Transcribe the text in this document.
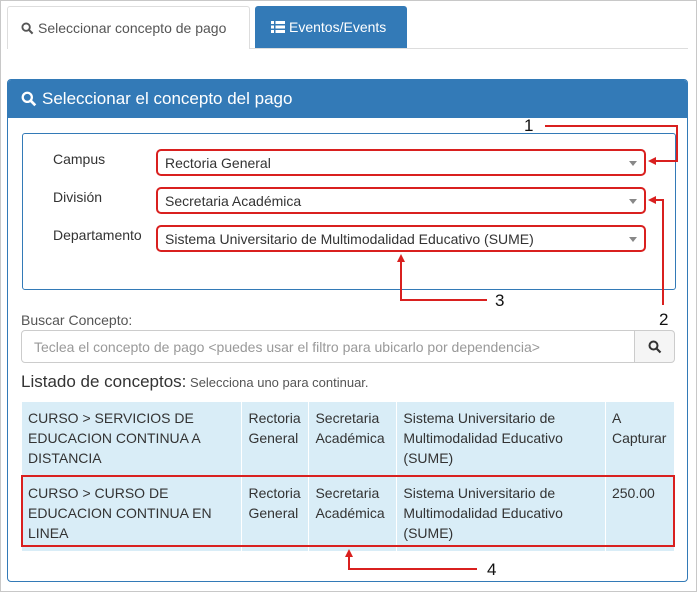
Seleccionar concepto de pago	Eventos/Events
Seleccionar el concepto del pago
Campus	Rectoria General
División	Secretaria Académica
Departamento Sistema Universitario de Multimodalidad Educativo (SUME)
Buscar Concepto:
Teclea el concepto de pago <puedes usar el filtro para ubicarlo por dependencia>
Listado de conceptos: Selecciona uno para continuar.
CURSO > SERVICIOS DE EDUCACION CONTINUA A DISTANCIA	Rectoria General	Secretaria Académica	Sistema Universitario de Multimodalidad Educativo (SUME)	A Capturar
CURSO > CURSO DE EDUCACION CONTINUA EN LINEA	Rectoria General	Secretaria Académica	Sistema Universitario de Multimodalidad Educativo (SUME)	250.00
1
2
3
4
